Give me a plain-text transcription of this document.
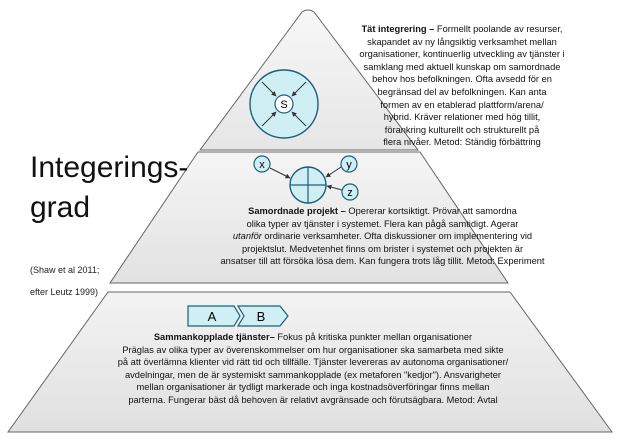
S
x	y
z
A	B
Integerings-
grad
(Shaw et al 2011;
efter Leutz 1999)
Tät integrering – Formellt poolande av resurser,
skapandet av ny långsiktig verksamhet mellan
organisationer, kontinuerlig utveckling av tjänster i
samklang med aktuell kunskap om samordnade
behov hos befolkningen. Ofta avsedd för en
begränsad del av befolkningen. Kan anta
formen av en etablerad plattform/arena/
hybrid. Kräver relationer med hög tillit,
förankring kulturellt och strukturellt på
flera nivåer. Metod: Ständig förbättring
Samordnade projekt – Opererar kortsiktigt. Prövar att samordna
olika typer av tjänster i systemet. Flera kan pågå samtidigt. Agerar
utanför ordinarie verksamheter. Ofta diskussioner om implementering vid
projektslut. Medvetenhet finns om brister i systemet och projekten är
ansatser till att försöka lösa dem. Kan fungera trots låg tillit. Metod: Experiment
Sammankopplade tjänster– Fokus på kritiska punkter mellan organisationer
Präglas av olika typer av överenskommelser om hur organisationer ska samarbeta med sikte
på att överlämna klienter vid rätt tid och tillfälle. Tjänster levereras av autonoma organisationer/
avdelningar, men de är systemiskt sammankopplade (ex metaforen "kedjor"). Ansvarigheter
mellan organisationer är tydligt markerade och inga kostnadsöverföringar finns mellan
parterna. Fungerar bäst då behoven är relativt avgränsade och förutsägbara. Metod: Avtal
